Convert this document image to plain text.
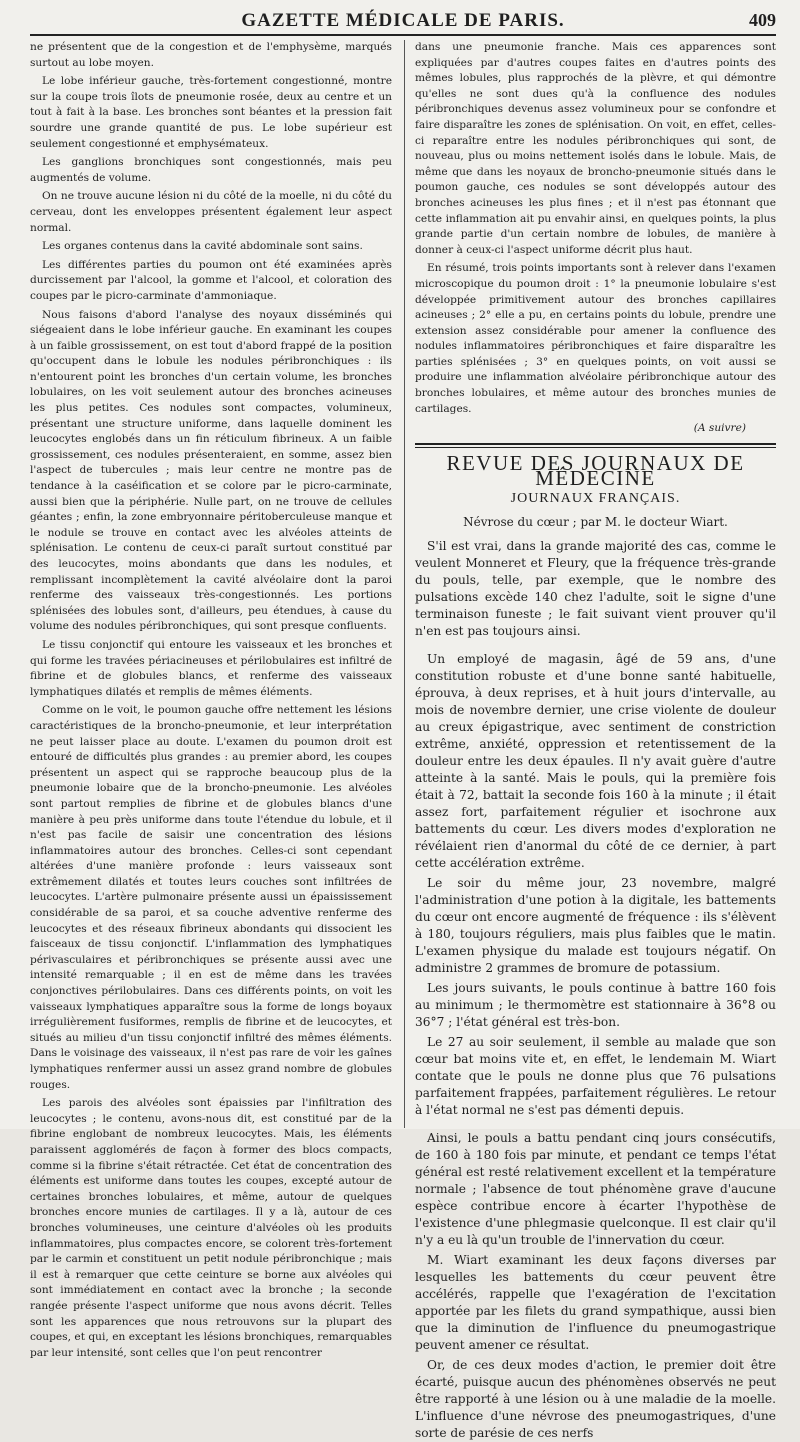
GAZETTE MÉDICALE DE PARIS.	409

ne présentent que de la congestion et de l'emphysème, marqués surtout au lobe moyen.

Le lobe inférieur gauche, très-fortement congestionné, montre sur la coupe trois îlots de pneumonie rosée, deux au centre et un tout à fait à la base. Les bronches sont béantes et la pression fait sourdre une grande quantité de pus. Le lobe supérieur est seulement congestionné et emphysémateux.

Les ganglions bronchiques sont congestionnés, mais peu augmentés de volume.

On ne trouve aucune lésion ni du côté de la moelle, ni du côté du cerveau, dont les enveloppes présentent également leur aspect normal.

Les organes contenus dans la cavité abdominale sont sains.

Les différentes parties du poumon ont été examinées après durcissement par l'alcool, la gomme et l'alcool, et coloration des coupes par le picro-carminate d'ammoniaque.

Nous faisons d'abord l'analyse des noyaux disséminés qui siégeaient dans le lobe inférieur gauche. En examinant les coupes à un faible grossissement, on est tout d'abord frappé de la position qu'occupent dans le lobule les nodules péribronchiques : ils n'entourent point les bronches d'un certain volume, les bronches lobulaires, on les voit seulement autour des bronches acineuses les plus petites. Ces nodules sont compactes, volumineux, présentant une structure uniforme, dans laquelle dominent les leucocytes englobés dans un fin réticulum fibrineux. A un faible grossissement, ces nodules présenteraient, en somme, assez bien l'aspect de tubercules ; mais leur centre ne montre pas de tendance à la caséification et se colore par le picro-carminate, aussi bien que la périphérie. Nulle part, on ne trouve de cellules géantes ; enfin, la zone embryonnaire péritoberculeuse manque et le nodule se trouve en contact avec les alvéoles atteints de splénisation. Le contenu de ceux-ci paraît surtout constitué par des leucocytes, moins abondants que dans les nodules, et remplissant incomplètement la cavité alvéolaire dont la paroi renferme des vaisseaux très-congestionnés. Les portions splénisées des lobules sont, d'ailleurs, peu étendues, à cause du volume des nodules péribronchiques, qui sont presque confluents.

Le tissu conjonctif qui entoure les vaisseaux et les bronches et qui forme les travées périacineuses et périlobulaires est infiltré de fibrine et de globules blancs, et renferme des vaisseaux lymphatiques dilatés et remplis de mêmes éléments.

Comme on le voit, le poumon gauche offre nettement les lésions caractéristiques de la broncho-pneumonie, et leur interprétation ne peut laisser place au doute. L'examen du poumon droit est entouré de difficultés plus grandes : au premier abord, les coupes présentent un aspect qui se rapproche beaucoup plus de la pneumonie lobaire que de la broncho-pneumonie. Les alvéoles sont partout remplies de fibrine et de globules blancs d'une manière à peu près uniforme dans toute l'étendue du lobule, et il n'est pas facile de saisir une concentration des lésions inflammatoires autour des bronches. Celles-ci sont cependant altérées d'une manière profonde : leurs vaisseaux sont extrêmement dilatés et toutes leurs couches sont infiltrées de leucocytes. L'artère pulmonaire présente aussi un épaississement considérable de sa paroi, et sa couche adventive renferme des leucocytes et des réseaux fibrineux abondants qui dissocient les faisceaux de tissu conjonctif. L'inflammation des lymphatiques périvasculaires et péribronchiques se présente aussi avec une intensité remarquable ; il en est de même dans les travées conjonctives périlobulaires. Dans ces différents points, on voit les vaisseaux lymphatiques apparaître sous la forme de longs boyaux irrégulièrement fusiformes, remplis de fibrine et de leucocytes, et situés au milieu d'un tissu conjonctif infiltré des mêmes éléments. Dans le voisinage des vaisseaux, il n'est pas rare de voir les gaînes lymphatiques renfermer aussi un assez grand nombre de globules rouges.

Les parois des alvéoles sont épaissies par l'infiltration des leucocytes ; le contenu, avons-nous dit, est constitué par de la fibrine englobant de nombreux leucocytes. Mais, les éléments paraissent agglomérés de façon à former des blocs compacts, comme si la fibrine s'était rétractée. Cet état de concentration des éléments est uniforme dans toutes les coupes, excepté autour de certaines bronches lobulaires, et même, autour de quelques bronches encore munies de cartilages. Il y a là, autour de ces bronches volumineuses, une ceinture d'alvéoles où les produits inflammatoires, plus compactes encore, se colorent très-fortement par le carmin et constituent un petit nodule péribronchique ; mais il est à remarquer que cette ceinture se borne aux alvéoles qui sont immédiatement en contact avec la bronche ; la seconde rangée présente l'aspect uniforme que nous avons décrit. Telles sont les apparences que nous retrouvons sur la plupart des coupes, et qui, en exceptant les lésions bronchiques, remarquables par leur intensité, sont celles que l'on peut rencontrer

dans une pneumonie franche. Mais ces apparences sont expliquées par d'autres coupes faites en d'autres points des mêmes lobules, plus rapprochés de la plèvre, et qui démontre qu'elles ne sont dues qu'à la confluence des nodules péribronchiques devenus assez volumineux pour se confondre et faire disparaître les zones de splénisation. On voit, en effet, celles-ci reparaître entre les nodules péribronchiques qui sont, de nouveau, plus ou moins nettement isolés dans le lobule. Mais, de même que dans les noyaux de broncho-pneumonie situés dans le poumon gauche, ces nodules se sont développés autour des bronches acineuses les plus fines ; et il n'est pas étonnant que cette inflammation ait pu envahir ainsi, en quelques points, la plus grande partie d'un certain nombre de lobules, de manière à donner à ceux-ci l'aspect uniforme décrit plus haut.

En résumé, trois points importants sont à relever dans l'examen microscopique du poumon droit : 1° la pneumonie lobulaire s'est développée primitivement autour des bronches capillaires acineuses ; 2° elle a pu, en certains points du lobule, prendre une extension assez considérable pour amener la confluence des nodules inflammatoires péribronchiques et faire disparaître les parties splénisées ; 3° en quelques points, on voit aussi se produire une inflammation alvéolaire péribronchique autour des bronches lobulaires, et même autour des bronches munies de cartilages.

(A suivre)
REVUE DES JOURNAUX DE MÉDECINE
JOURNAUX FRANÇAIS.
Névrose du cœur ; par M. le docteur Wiart.

S'il est vrai, dans la grande majorité des cas, comme le veulent Monneret et Fleury, que la fréquence très-grande du pouls, telle, par exemple, que le nombre des pulsations excède 140 chez l'adulte, soit le signe d'une terminaison funeste ; le fait suivant vient prouver qu'il n'en est pas toujours ainsi.

Un employé de magasin, âgé de 59 ans, d'une constitution robuste et d'une bonne santé habituelle, éprouva, à deux reprises, et à huit jours d'intervalle, au mois de novembre dernier, une crise violente de douleur au creux épigastrique, avec sentiment de constriction extrême, anxiété, oppression et retentissement de la douleur entre les deux épaules. Il n'y avait guère d'autre atteinte à la santé. Mais le pouls, qui la première fois était à 72, battait la seconde fois 160 à la minute ; il était assez fort, parfaitement régulier et isochrone aux battements du cœur. Les divers modes d'exploration ne révélaient rien d'anormal du côté de ce dernier, à part cette accélération extrême.

Le soir du même jour, 23 novembre, malgré l'administration d'une potion à la digitale, les battements du cœur ont encore augmenté de fréquence : ils s'élèvent à 180, toujours réguliers, mais plus faibles que le matin. L'examen physique du malade est toujours négatif. On administre 2 grammes de bromure de potassium.

Les jours suivants, le pouls continue à battre 160 fois au minimum ; le thermomètre est stationnaire à 36°8 ou 36°7 ; l'état général est très-bon.

Le 27 au soir seulement, il semble au malade que son cœur bat moins vite et, en effet, le lendemain M. Wiart contate que le pouls ne donne plus que 76 pulsations parfaitement frappées, parfaitement régulières. Le retour à l'état normal ne s'est pas démenti depuis.

Ainsi, le pouls a battu pendant cinq jours consécutifs, de 160 à 180 fois par minute, et pendant ce temps l'état général est resté relativement excellent et la température normale ; l'absence de tout phénomène grave d'aucune espèce contribue encore à écarter l'hypothèse de l'existence d'une phlegmasie quelconque. Il est clair qu'il n'y a eu là qu'un trouble de l'innervation du cœur.

M. Wiart examinant les deux façons diverses par lesquelles les battements du cœur peuvent être accélérés, rappelle que l'exagération de l'excitation apportée par les filets du grand sympathique, aussi bien que la diminution de l'influence du pneumogastrique peuvent amener ce résultat.

Or, de ces deux modes d'action, le premier doit être écarté, puisque aucun des phénomènes observés ne peut être rapporté à une lésion ou à une maladie de la moelle. L'influence d'une névrose des pneumogastriques, d'une sorte de parésie de ces nerfs
